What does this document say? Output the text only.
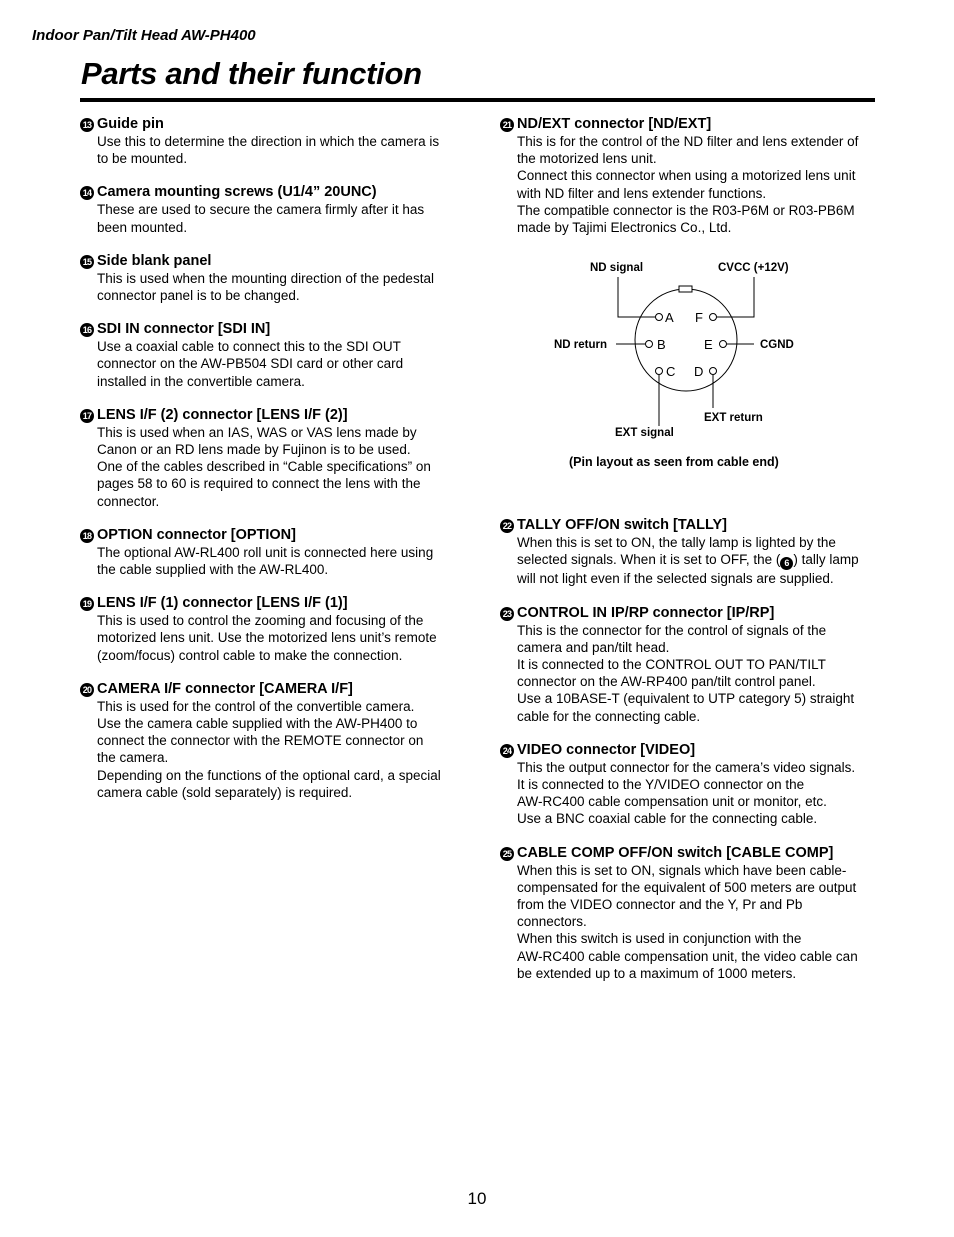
Indoor Pan/Tilt Head AW-PH400
Parts and their function
13 Guide pin
Use this to determine the direction in which the camera is
to be mounted.
14 Camera mounting screws (U1/4” 20UNC)
These are used to secure the camera firmly after it has
been mounted.
15 Side blank panel
This is used when the mounting direction of the pedestal
connector panel is to be changed.
16 SDI IN connector [SDI IN]
Use a coaxial cable to connect this to the SDI OUT
connector on the AW-PB504 SDI card or other card
installed in the convertible camera.
17 LENS I/F (2) connector [LENS I/F (2)]
This is used when an IAS, WAS or VAS lens made by
Canon or an RD lens made by Fujinon is to be used.
One of the cables described in “Cable specifications” on
pages 58 to 60 is required to connect the lens with the
connector.
18 OPTION connector [OPTION]
The optional AW-RL400 roll unit is connected here using
the cable supplied with the AW-RL400.
19 LENS I/F (1) connector [LENS I/F (1)]
This is used to control the zooming and focusing of the
motorized lens unit. Use the motorized lens unit’s remote
(zoom/focus) control cable to make the connection.
20 CAMERA I/F connector [CAMERA I/F]
This is used for the control of the convertible camera.
Use the camera cable supplied with the AW-PH400 to
connect the connector with the REMOTE connector on
the camera.
Depending on the functions of the optional card, a special
camera cable (sold separately) is required.
21 ND/EXT connector [ND/EXT]
This is for the control of the ND filter and lens extender of
the motorized lens unit.
Connect this connector when using a motorized lens unit
with ND filter and lens extender functions.
The compatible connector is the R03-P6M or R03-PB6M
made by Tajimi Electronics Co., Ltd.
A F
B	E
C D
ND signal	CVCC (+12V)
ND return	CGND
EXT return
EXT signal
(Pin layout as seen from cable end)
22 TALLY OFF/ON switch [TALLY]
When this is set to ON, the tally lamp is lighted by the
selected signals. When it is set to OFF, the ( 6 ) tally lamp
will not light even if the selected signals are supplied.
23 CONTROL IN IP/RP connector [IP/RP]
This is the connector for the control of signals of the
camera and pan/tilt head.
It is connected to the CONTROL OUT TO PAN/TILT
connector on the AW-RP400 pan/tilt control panel.
Use a 10BASE-T (equivalent to UTP category 5) straight
cable for the connecting cable.
24 VIDEO connector [VIDEO]
This the output connector for the camera’s video signals.
It is connected to the Y/VIDEO connector on the
AW-RC400 cable compensation unit or monitor, etc.
Use a BNC coaxial cable for the connecting cable.
25 CABLE COMP OFF/ON switch [CABLE COMP]
When this is set to ON, signals which have been cable-
compensated for the equivalent of 500 meters are output
from the VIDEO connector and the Y, Pr and Pb
connectors.
When this switch is used in conjunction with the
AW-RC400 cable compensation unit, the video cable can
be extended up to a maximum of 1000 meters.
10
